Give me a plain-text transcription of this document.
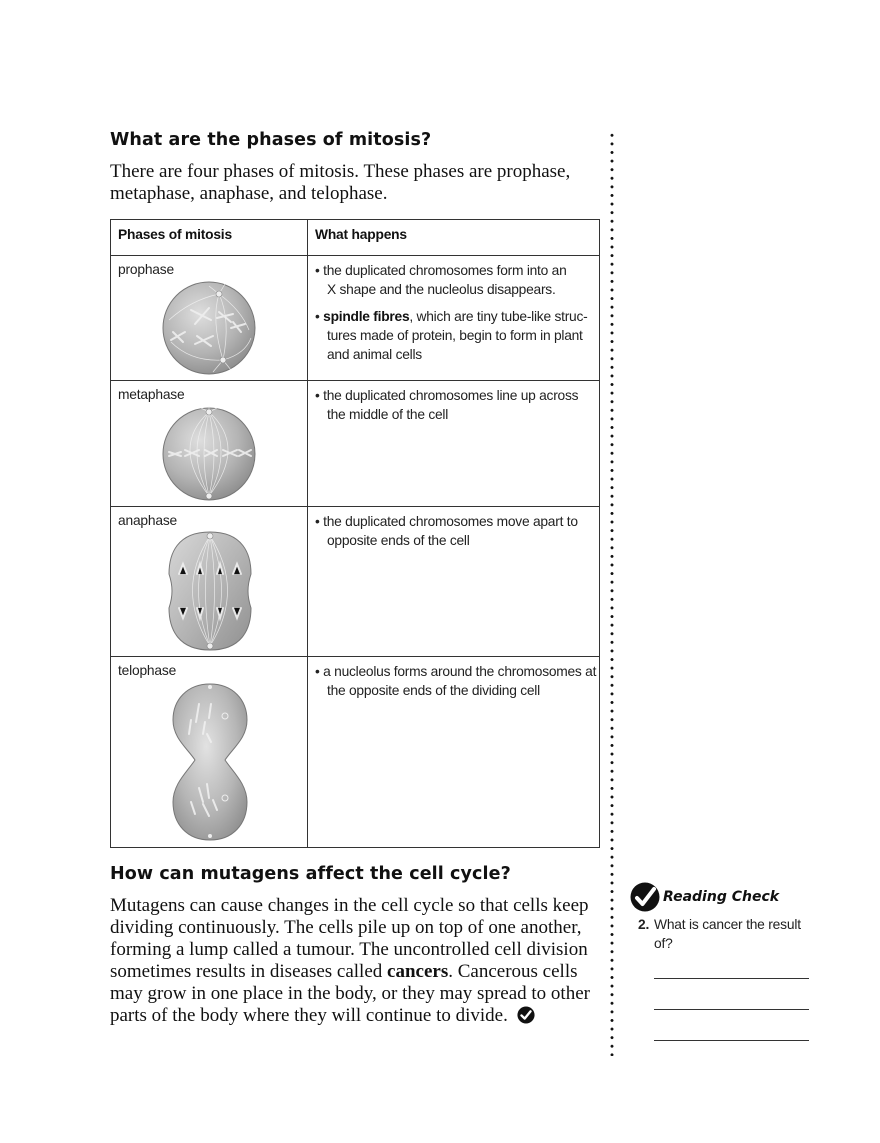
What are the phases of mitosis?
There are four phases of mitosis. These phases are prophase,
metaphase, anaphase, and telophase.
Phases of mitosis	What happens
prophase	• the duplicated chromosomes form into an
X shape and the nucleolus disappears.
• spindle fibres, which are tiny tube-like struc-
tures made of protein, begin to form in plant
and animal cells
metaphase	• the duplicated chromosomes line up across
the middle of the cell
anaphase	• the duplicated chromosomes move apart to
opposite ends of the cell
telophase	• a nucleolus forms around the chromosomes at
the opposite ends of the dividing cell
How can mutagens affect the cell cycle?
Mutagens can cause changes in the cell cycle so that cells keep
dividing continuously. The cells pile up on top of one another,
forming a lump called a tumour. The uncontrolled cell division
sometimes results in diseases called cancers. Cancerous cells
may grow in one place in the body, or they may spread to other
parts of the body where they will continue to divide.
Reading Check
2. What is cancer the result
of?
